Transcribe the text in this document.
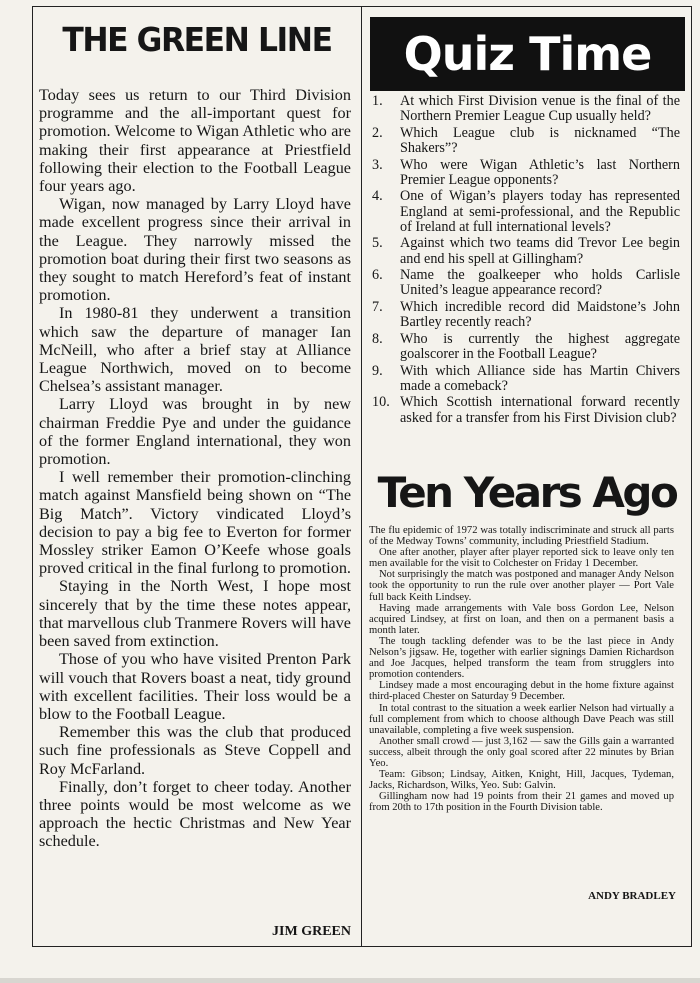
THE GREEN LINE

Today sees us return to our Third Division programme and the all-important quest for promotion. Welcome to Wigan Athletic who are making their first appearance at Priestfield following their election to the Football League four years ago.

Wigan, now managed by Larry Lloyd have made excellent progress since their arrival in the League. They narrowly missed the promotion boat during their first two seasons as they sought to match Hereford’s feat of instant promotion.

In 1980-81 they underwent a transition which saw the departure of manager Ian McNeill, who after a brief stay at Alliance League Northwich, moved on to become Chelsea’s assistant manager.

Larry Lloyd was brought in by new chairman Freddie Pye and under the guidance of the former England international, they won promotion.

I well remember their promotion-clinching match against Mansfield being shown on “The Big Match”. Victory vindicated Lloyd’s decision to pay a big fee to Everton for former Mossley striker Eamon O’Keefe whose goals proved critical in the final furlong to promotion.

Staying in the North West, I hope most sincerely that by the time these notes appear, that marvellous club Tranmere Rovers will have been saved from extinction.

Those of you who have visited Prenton Park will vouch that Rovers boast a neat, tidy ground with excellent facilities. Their loss would be a blow to the Football League.

Remember this was the club that produced such fine professionals as Steve Coppell and Roy McFarland.

Finally, don’t forget to cheer today. Another three points would be most welcome as we approach the hectic Christmas and New Year schedule.

JIM GREEN
Quiz Time
1.	At which First Division venue is the final of the Northern Premier League Cup usually held?
2.	Which League club is nicknamed “The Shakers”?
3.	Who were Wigan Athletic’s last Northern Premier League opponents?
4.	One of Wigan’s players today has represented England at semi-professional, and the Republic of Ireland at full international levels?
5.	Against which two teams did Trevor Lee begin and end his spell at Gillingham?
6.	Name the goalkeeper who holds Carlisle United’s league appearance record?
7.	Which incredible record did Maidstone’s John Bartley recently reach?
8.	Who is currently the highest aggregate goalscorer in the Football League?
9.	With which Alliance side has Martin Chivers made a comeback?
10. Which Scottish international forward recently asked for a transfer from his First Division club?
Ten Years Ago

The flu epidemic of 1972 was totally indiscriminate and struck all parts of the Medway Towns’ community, including Priestfield Stadium.

One after another, player after player reported sick to leave only ten men available for the visit to Colchester on Friday 1 December.

Not surprisingly the match was postponed and manager Andy Nelson took the opportunity to run the rule over another player — Port Vale full back Keith Lindsey.

Having made arrangements with Vale boss Gordon Lee, Nelson acquired Lindsey, at first on loan, and then on a permanent basis a month later.

The tough tackling defender was to be the last piece in Andy Nelson’s jigsaw. He, together with earlier signings Damien Richardson and Joe Jacques, helped transform the team from strugglers into promotion contenders.

Lindsey made a most encouraging debut in the home fixture against third-placed Chester on Saturday 9 December.

In total contrast to the situation a week earlier Nelson had virtually a full complement from which to choose although Dave Peach was still unavailable, completing a five week suspension.

Another small crowd — just 3,162 — saw the Gills gain a warranted success, albeit through the only goal scored after 22 minutes by Brian Yeo.

Team: Gibson; Lindsay, Aitken, Knight, Hill, Jacques, Tydeman, Jacks, Richardson, Wilks, Yeo. Sub: Galvin.

Gillingham now had 19 points from their 21 games and moved up from 20th to 17th position in the Fourth Division table.

ANDY BRADLEY
